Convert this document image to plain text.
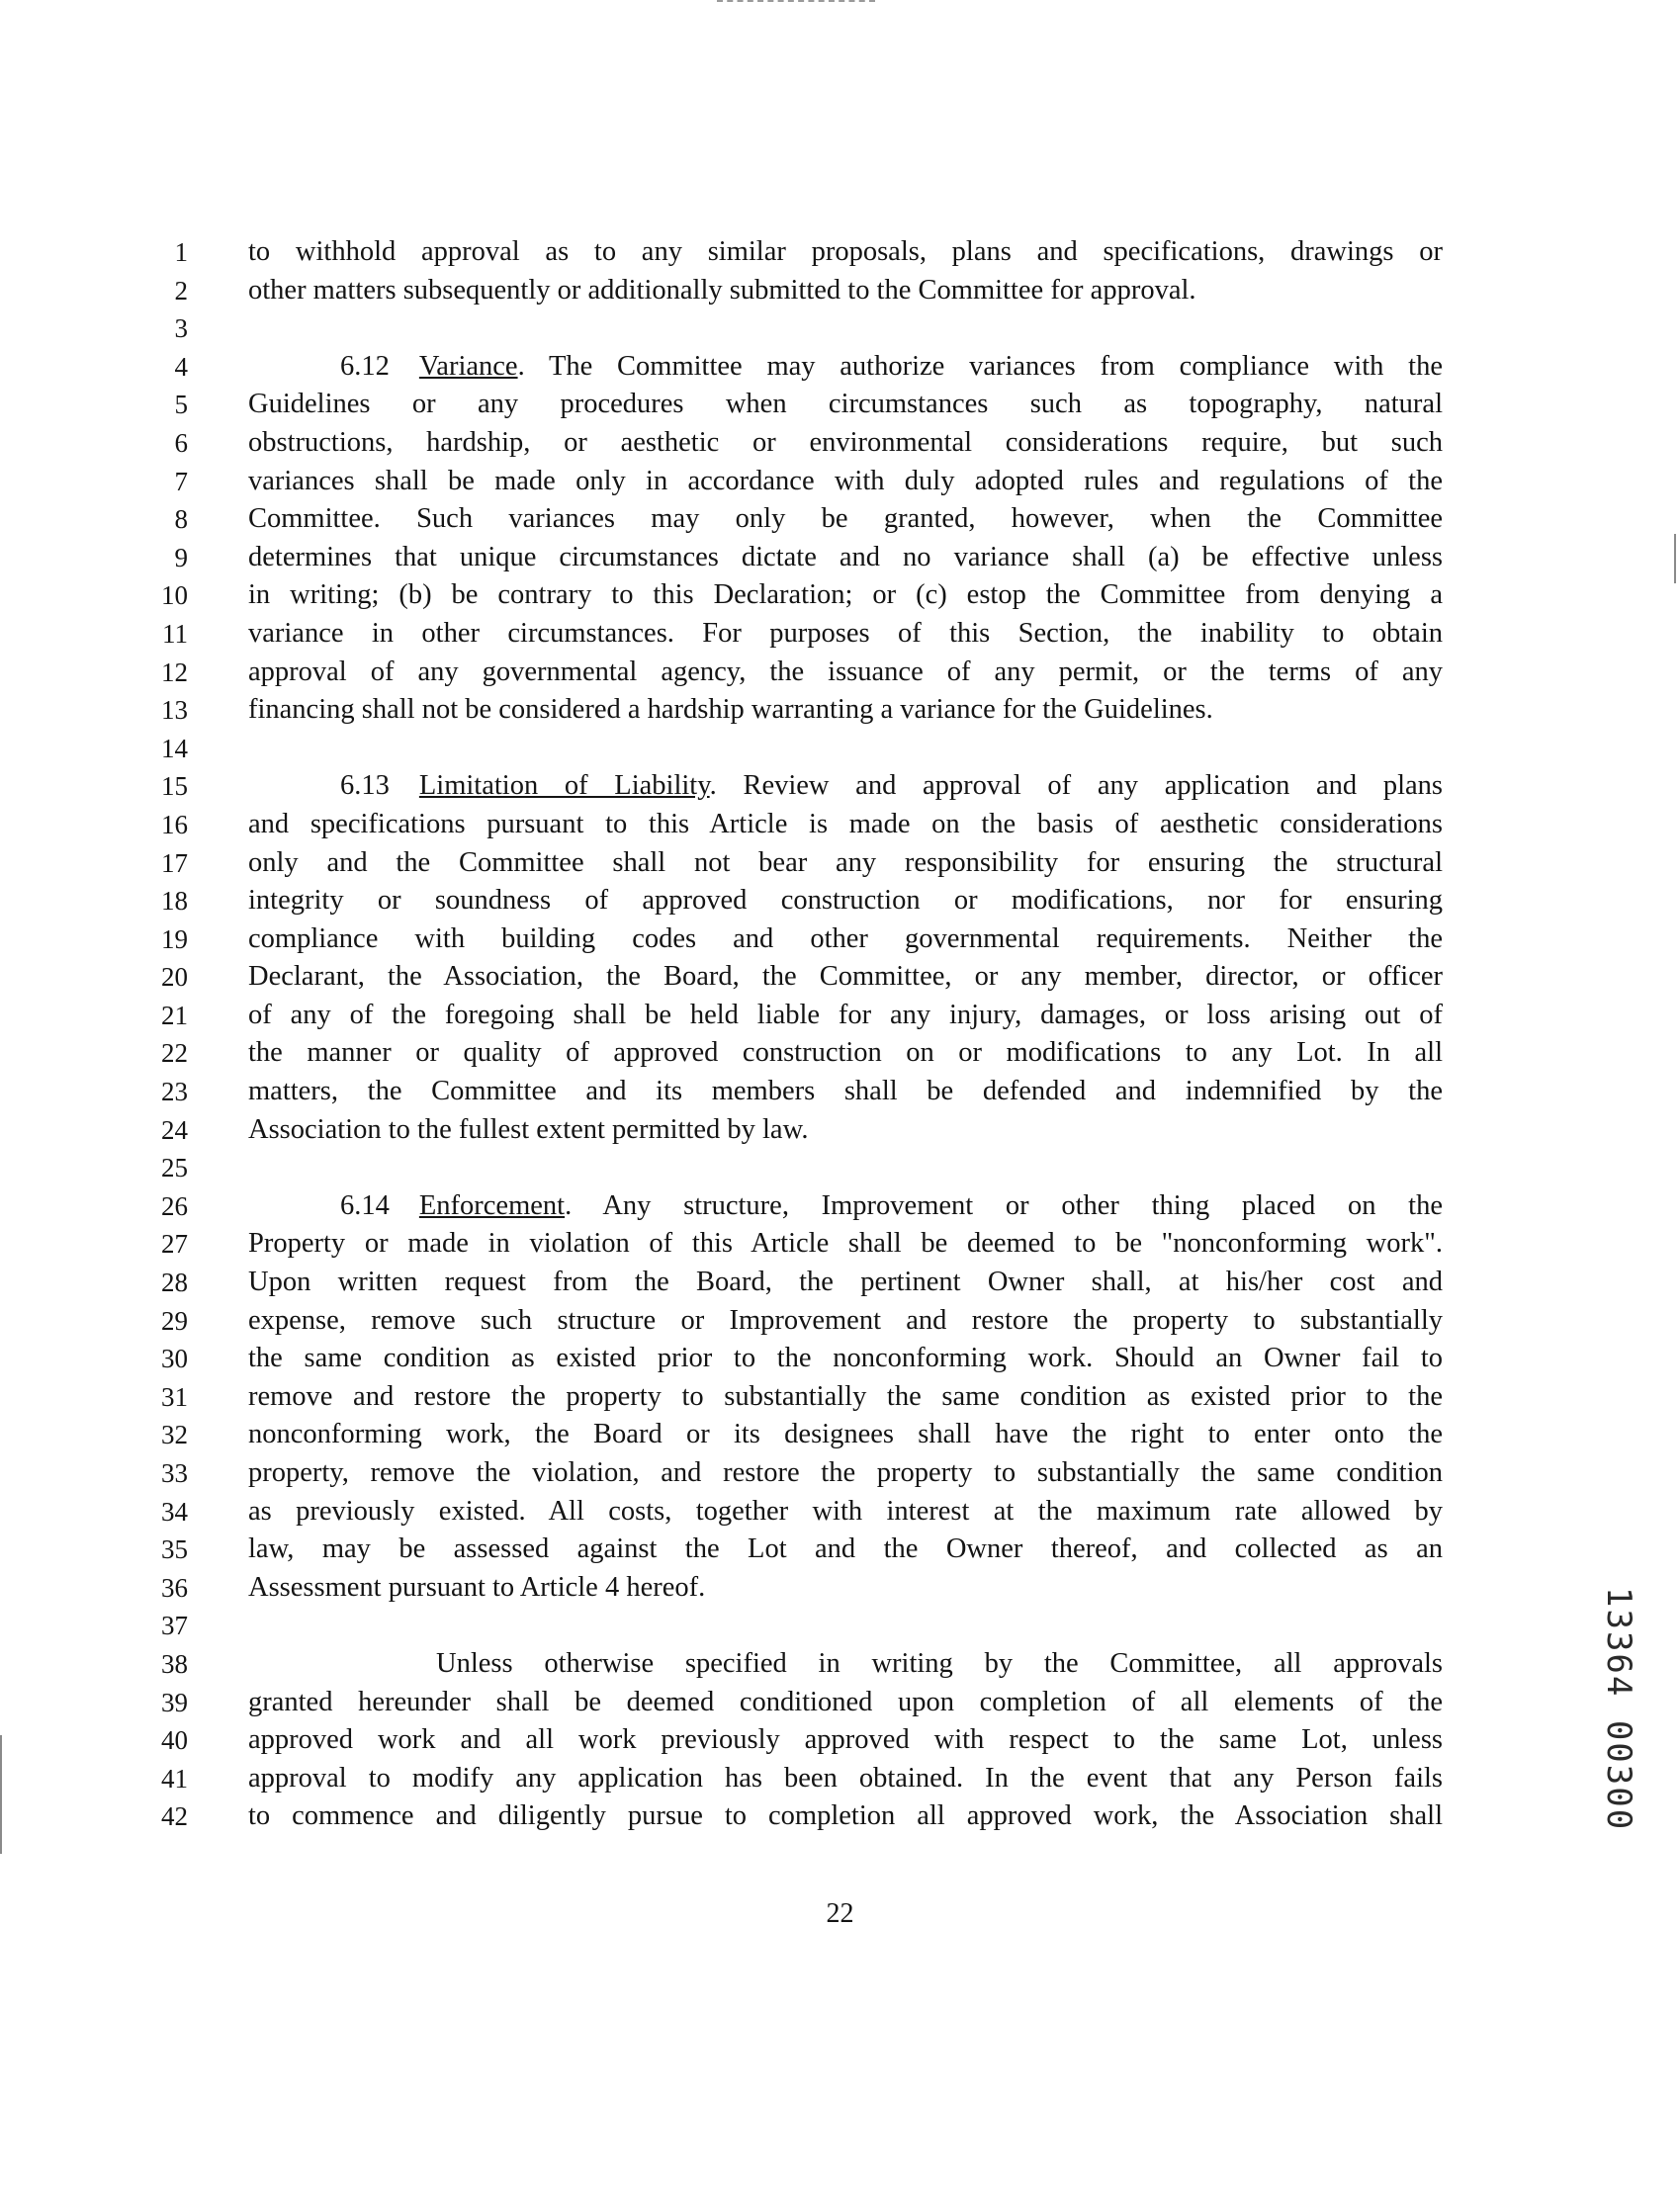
1
2
3
4
5
6
7
8
9
10
11
12
13
14
15
16
17
18
19
20
21
22
23
24
25
26
27
28
29
30
31
32
33
34
35
36
37
38
39
40
41
42
to withhold approval as to any similar proposals, plans and specifications, drawings or
other matters subsequently or additionally submitted to the Committee for approval.
6.12 Variance. The Committee may authorize variances from compliance with the
Guidelines or any procedures when circumstances such as topography, natural
obstructions, hardship, or aesthetic or environmental considerations require, but such
variances shall be made only in accordance with duly adopted rules and regulations of the
Committee. Such variances may only be granted, however, when the Committee
determines that unique circumstances dictate and no variance shall (a) be effective unless
in writing; (b) be contrary to this Declaration; or (c) estop the Committee from denying a
variance in other circumstances. For purposes of this Section, the inability to obtain
approval of any governmental agency, the issuance of any permit, or the terms of any
financing shall not be considered a hardship warranting a variance for the Guidelines.
6.13 Limitation of Liability. Review and approval of any application and plans
and specifications pursuant to this Article is made on the basis of aesthetic considerations
only and the Committee shall not bear any responsibility for ensuring the structural
integrity or soundness of approved construction or modifications, nor for ensuring
compliance with building codes and other governmental requirements. Neither the
Declarant, the Association, the Board, the Committee, or any member, director, or officer
of any of the foregoing shall be held liable for any injury, damages, or loss arising out of
the manner or quality of approved construction on or modifications to any Lot. In all
matters, the Committee and its members shall be defended and indemnified by the
Association to the fullest extent permitted by law.
6.14 Enforcement. Any structure, Improvement or other thing placed on the
Property or made in violation of this Article shall be deemed to be "nonconforming work".
Upon written request from the Board, the pertinent Owner shall, at his/her cost and
expense, remove such structure or Improvement and restore the property to substantially
the same condition as existed prior to the nonconforming work. Should an Owner fail to
remove and restore the property to substantially the same condition as existed prior to the
nonconforming work, the Board or its designees shall have the right to enter onto the
property, remove the violation, and restore the property to substantially the same condition
as previously existed. All costs, together with interest at the maximum rate allowed by
law, may be assessed against the Lot and the Owner thereof, and collected as an
Assessment pursuant to Article 4 hereof.
Unless otherwise specified in writing by the Committee, all approvals
granted hereunder shall be deemed conditioned upon completion of all elements of the
approved work and all work previously approved with respect to the same Lot, unless
approval to modify any application has been obtained. In the event that any Person fails
to commence and diligently pursue to completion all approved work, the Association shall
22
13364 00300
